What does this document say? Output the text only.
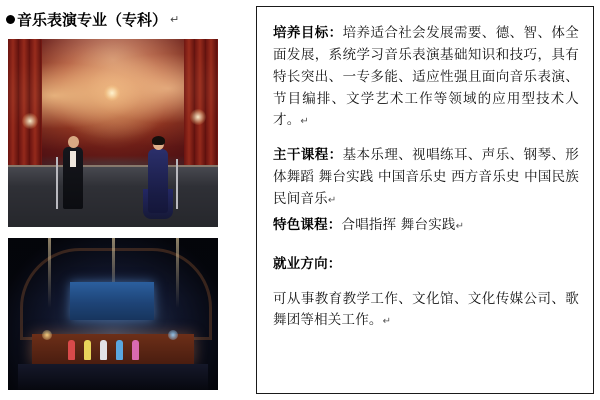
音乐表演专业（专科） ↵

培养目标：培养适合社会发展需要、德、智、体全面发展，系统学习音乐表演基础知识和技巧，具有特长突出、一专多能、适应性强且面向音乐表演、节目编排、文学艺术工作等领域的应用型技术人才。↵

主干课程：基本乐理、视唱练耳、声乐、钢琴、形体舞蹈 舞台实践 中国音乐史 西方音乐史 中国民族民间音乐↵

特色课程：合唱指挥 舞台实践↵

就业方向：

可从事教育教学工作、文化馆、文化传媒公司、歌舞团等相关工作。↵
